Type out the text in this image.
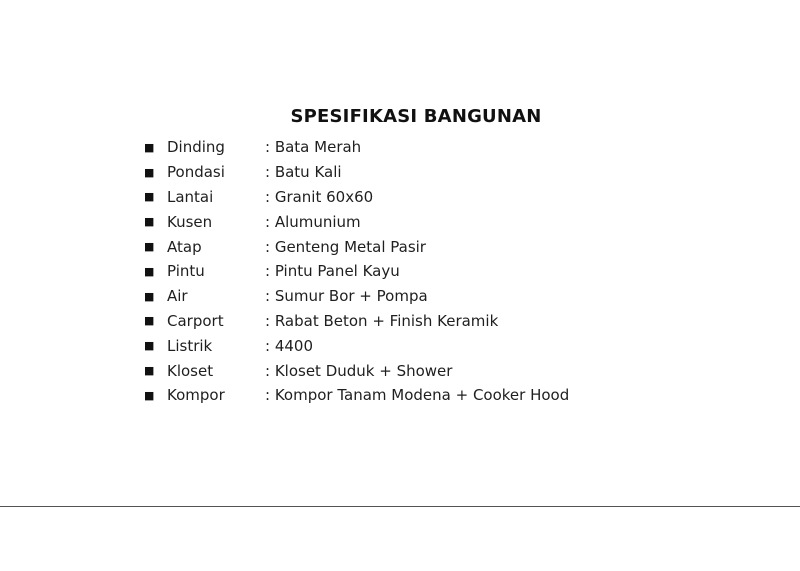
SPESIFIKASI BANGUNAN
■ Dinding	: Bata Merah
■ Pondasi	: Batu Kali
■ Lantai	: Granit 60x60
■ Kusen	: Alumunium
■ Atap	: Genteng Metal Pasir
■ Pintu	: Pintu Panel Kayu
■ Air	: Sumur Bor + Pompa
■ Carport	: Rabat Beton + Finish Keramik
■ Listrik	: 4400
■ Kloset	: Kloset Duduk + Shower
■ Kompor	: Kompor Tanam Modena + Cooker Hood
